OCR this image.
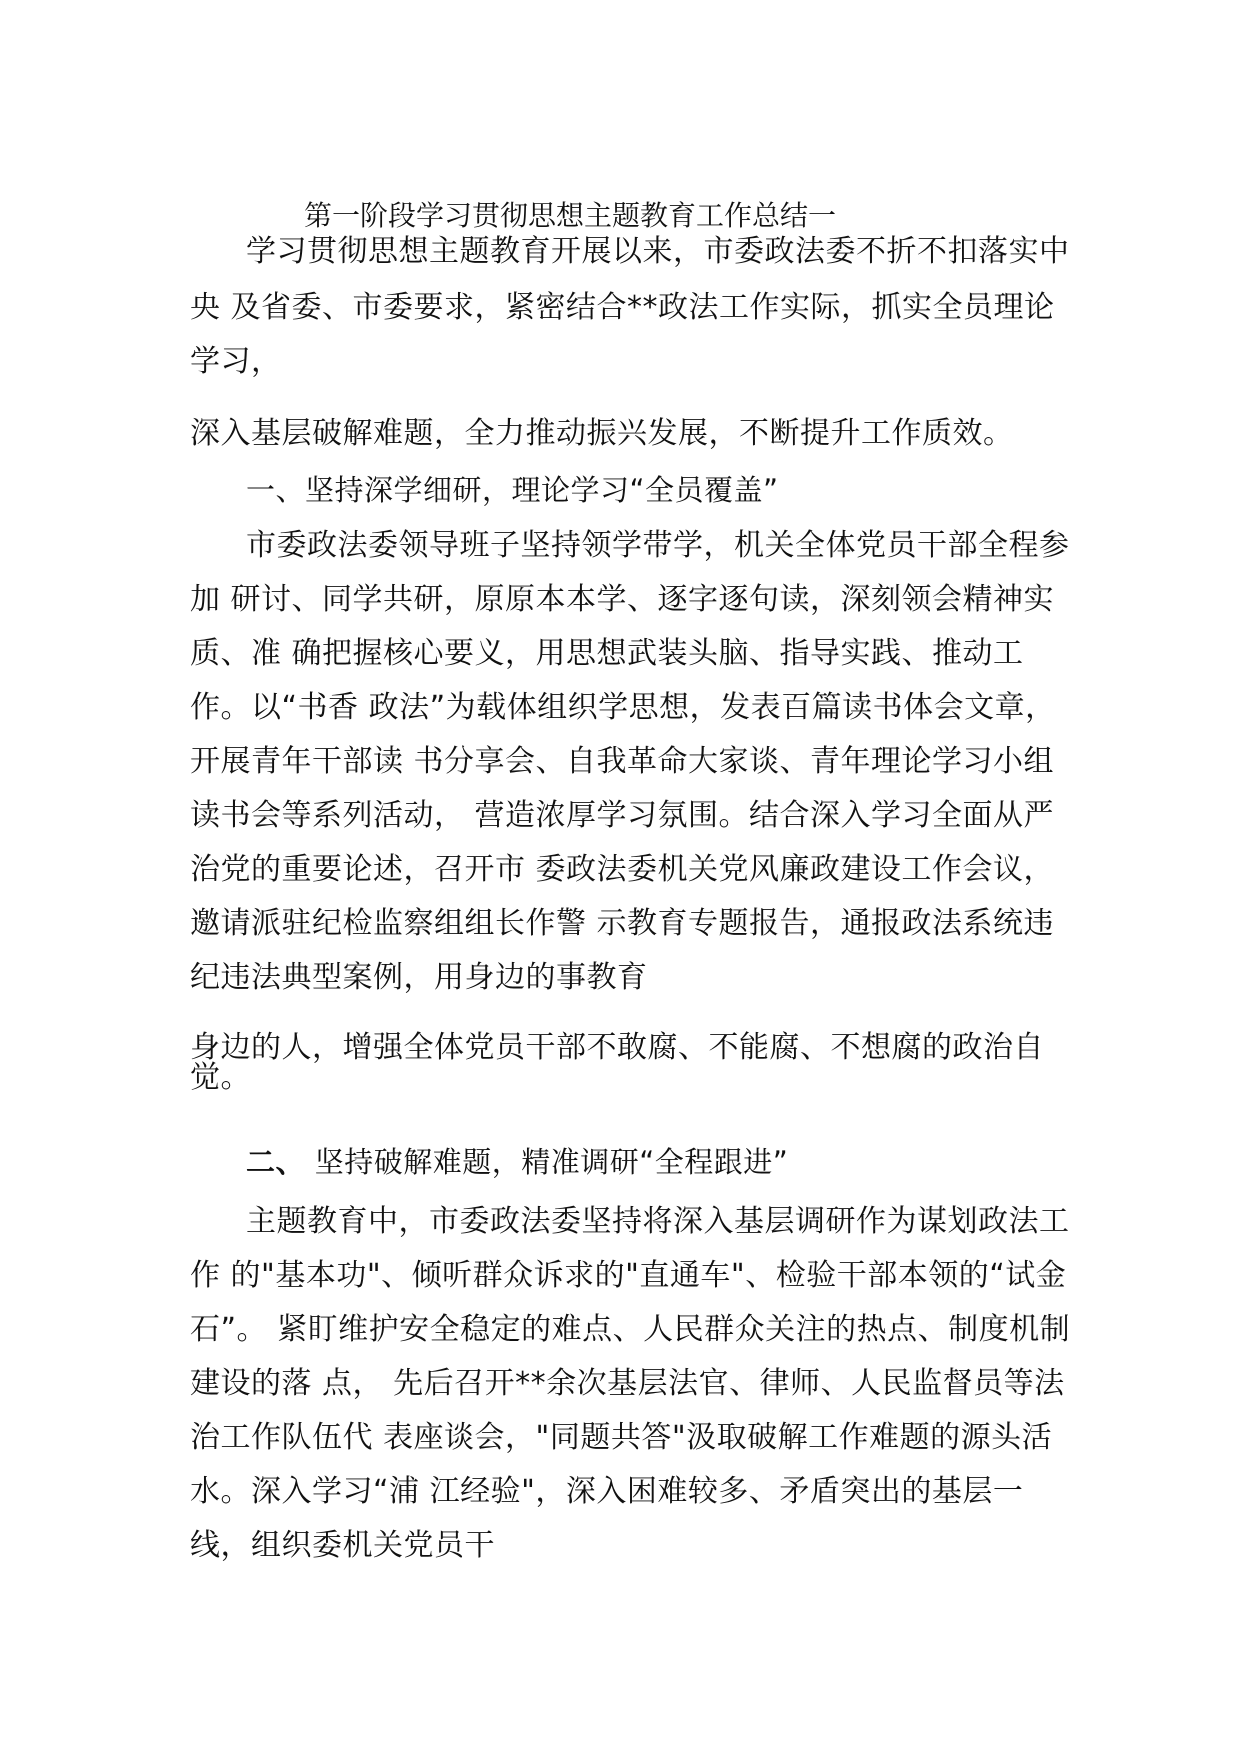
第一阶段学习贯彻思想主题教育工作总结一
学习贯彻思想主题教育开展以来，市委政法委不折不扣落实中
央 及省委、市委要求，紧密结合**政法工作实际，抓实全员理论
学习，
深入基层破解难题，全力推动振兴发展，不断提升工作质效。
一、坚持深学细研，理论学习“全员覆盖”
市委政法委领导班子坚持领学带学，机关全体党员干部全程参
加 研讨、同学共研，原原本本学、逐字逐句读，深刻领会精神实
质、准 确把握核心要义，用思想武装头脑、指导实践、推动工
作。以“书香 政法”为载体组织学思想，发表百篇读书体会文章，
开展青年干部读 书分享会、自我革命大家谈、青年理论学习小组
读书会等系列活动， 营造浓厚学习氛围。结合深入学习全面从严
治党的重要论述，召开市 委政法委机关党风廉政建设工作会议，
邀请派驻纪检监察组组长作警 示教育专题报告，通报政法系统违
纪违法典型案例，用身边的事教育
身边的人，增强全体党员干部不敢腐、不能腐、不想腐的政治自
觉。
二、 坚持破解难题，精准调研“全程跟进”
主题教育中，市委政法委坚持将深入基层调研作为谋划政法工
作 的"基本功"、倾听群众诉求的"直通车"、检验干部本领的“试金
石”。 紧盯维护安全稳定的难点、人民群众关注的热点、制度机制
建设的落 点， 先后召开**余次基层法官、律师、人民监督员等法
治工作队伍代 表座谈会，"同题共答"汲取破解工作难题的源头活
水。深入学习“浦 江经验"，深入困难较多、矛盾突出的基层一
线，组织委机关党员干
